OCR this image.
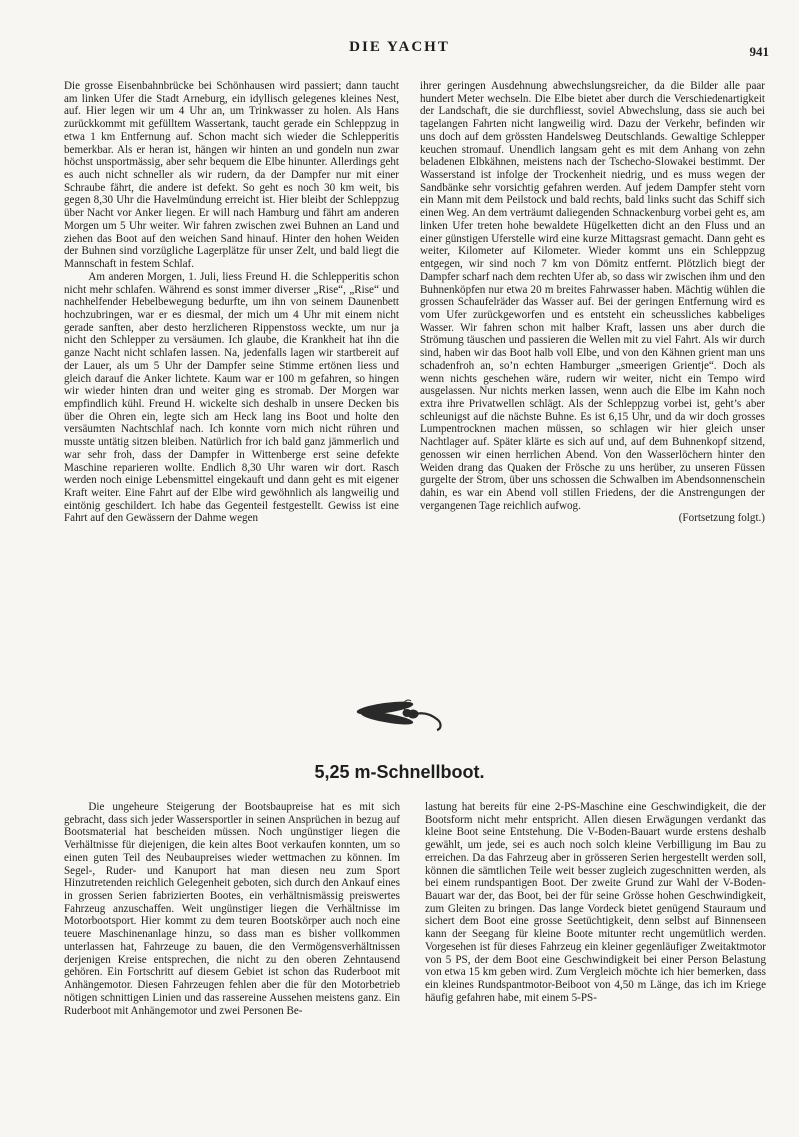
DIE YACHT	941

Die grosse Eisenbahnbrücke bei Schönhausen wird passiert; dann taucht am linken Ufer die Stadt Arneburg, ein idyllisch gelegenes kleines Nest, auf. Hier legen wir um 4 Uhr an, um Trinkwasser zu holen. Als Hans zurückkommt mit gefülltem Wassertank, taucht gerade ein Schleppzug in etwa 1 km Entfernung auf. Schon macht sich wieder die Schlepperitis bemerkbar. Als er heran ist, hängen wir hinten an und gondeln nun zwar höchst unsportmässig, aber sehr bequem die Elbe hinunter. Allerdings geht es auch nicht schneller als wir rudern, da der Dampfer nur mit einer Schraube fährt, die andere ist defekt. So geht es noch 30 km weit, bis gegen 8,30 Uhr die Havelmündung erreicht ist. Hier bleibt der Schleppzug über Nacht vor Anker liegen. Er will nach Hamburg und fährt am anderen Morgen um 5 Uhr weiter. Wir fahren zwischen zwei Buhnen an Land und ziehen das Boot auf den weichen Sand hinauf. Hinter den hohen Weiden der Buhnen sind vorzügliche Lagerplätze für unser Zelt, und bald liegt die Mannschaft in festem Schlaf.

Am anderen Morgen, 1. Juli, liess Freund H. die Schlepperitis schon nicht mehr schlafen. Während es sonst immer diverser „Rise“, „Rise“ und nachhelfender Hebelbewegung bedurfte, um ihn von seinem Daunenbett hochzubringen, war er es diesmal, der mich um 4 Uhr mit einem nicht gerade sanften, aber desto herzlicheren Rippenstoss weckte, um nur ja nicht den Schlepper zu versäumen. Ich glaube, die Krankheit hat ihn die ganze Nacht nicht schlafen lassen. Na, jedenfalls lagen wir startbereit auf der Lauer, als um 5 Uhr der Dampfer seine Stimme ertönen liess und gleich darauf die Anker lichtete. Kaum war er 100 m gefahren, so hingen wir wieder hinten dran und weiter ging es stromab. Der Morgen war empfindlich kühl. Freund H. wickelte sich deshalb in unsere Decken bis über die Ohren ein, legte sich am Heck lang ins Boot und holte den versäumten Nachtschlaf nach. Ich konnte vorn mich nicht rühren und musste untätig sitzen bleiben. Natürlich fror ich bald ganz jämmerlich und war sehr froh, dass der Dampfer in Wittenberge erst seine defekte Maschine reparieren wollte. Endlich 8,30 Uhr waren wir dort. Rasch werden noch einige Lebensmittel eingekauft und dann geht es mit eigener Kraft weiter. Eine Fahrt auf der Elbe wird gewöhnlich als langweilig und eintönig geschildert. Ich habe das Gegenteil festgestellt. Gewiss ist eine Fahrt auf den Gewässern der Dahme wegen

ihrer geringen Ausdehnung abwechslungsreicher, da die Bilder alle paar hundert Meter wechseln. Die Elbe bietet aber durch die Verschiedenartigkeit der Landschaft, die sie durchfliesst, soviel Abwechslung, dass sie auch bei tagelangen Fahrten nicht langweilig wird. Dazu der Verkehr, befinden wir uns doch auf dem grössten Handelsweg Deutschlands. Gewaltige Schlepper keuchen stromauf. Unendlich langsam geht es mit dem Anhang von zehn beladenen Elbkähnen, meistens nach der Tschecho-Slowakei bestimmt. Der Wasserstand ist infolge der Trockenheit niedrig, und es muss wegen der Sandbänke sehr vorsichtig gefahren werden. Auf jedem Dampfer steht vorn ein Mann mit dem Peilstock und bald rechts, bald links sucht das Schiff sich einen Weg. An dem verträumt daliegenden Schnackenburg vorbei geht es, am linken Ufer treten hohe bewaldete Hügelketten dicht an den Fluss und an einer günstigen Uferstelle wird eine kurze Mittagsrast gemacht. Dann geht es weiter, Kilometer auf Kilometer. Wieder kommt uns ein Schleppzug entgegen, wir sind noch 7 km von Dömitz entfernt. Plötzlich biegt der Dampfer scharf nach dem rechten Ufer ab, so dass wir zwischen ihm und den Buhnenköpfen nur etwa 20 m breites Fahrwasser haben. Mächtig wühlen die grossen Schaufelräder das Wasser auf. Bei der geringen Entfernung wird es vom Ufer zurückgeworfen und es entsteht ein scheussliches kabbeliges Wasser. Wir fahren schon mit halber Kraft, lassen uns aber durch die Strömung täuschen und passieren die Wellen mit zu viel Fahrt. Als wir durch sind, haben wir das Boot halb voll Elbe, und von den Kähnen grient man uns schadenfroh an, so’n echten Hamburger „smeerigen Grientje“. Doch als wenn nichts geschehen wäre, rudern wir weiter, nicht ein Tempo wird ausgelassen. Nur nichts merken lassen, wenn auch die Elbe im Kahn noch extra ihre Privatwellen schlägt. Als der Schleppzug vorbei ist, geht’s aber schleunigst auf die nächste Buhne. Es ist 6,15 Uhr, und da wir doch grosses Lumpentrocknen machen müssen, so schlagen wir hier gleich unser Nachtlager auf. Später klärte es sich auf und, auf dem Buhnenkopf sitzend, genossen wir einen herrlichen Abend. Von den Wasserlöchern hinter den Weiden drang das Quaken der Frösche zu uns herüber, zu unseren Füssen gurgelte der Strom, über uns schossen die Schwalben im Abendsonnenschein dahin, es war ein Abend voll stillen Friedens, der die Anstrengungen der vergangenen Tage reichlich aufwog.

(Fortsetzung folgt.)
5,25 m-Schnellboot.

Die ungeheure Steigerung der Bootsbaupreise hat es mit sich gebracht, dass sich jeder Wassersportler in seinen Ansprüchen in bezug auf Bootsmaterial hat bescheiden müssen. Noch ungünstiger liegen die Verhältnisse für diejenigen, die kein altes Boot verkaufen konnten, um so einen guten Teil des Neubaupreises wieder wettmachen zu können. Im Segel-, Ruder- und Kanuport hat man diesen neu zum Sport Hinzutretenden reichlich Gelegenheit geboten, sich durch den Ankauf eines in grossen Serien fabrizierten Bootes, ein verhältnismässig preiswertes Fahrzeug anzuschaffen. Weit ungünstiger liegen die Verhältnisse im Motorbootsport. Hier kommt zu dem teuren Bootskörper auch noch eine teuere Maschinenanlage hinzu, so dass man es bisher vollkommen unterlassen hat, Fahrzeuge zu bauen, die den Vermögensverhältnissen derjenigen Kreise entsprechen, die nicht zu den oberen Zehntausend gehören. Ein Fortschritt auf diesem Gebiet ist schon das Ruderboot mit Anhängemotor. Diesen Fahrzeugen fehlen aber die für den Motorbetrieb nötigen schnittigen Linien und das rassereine Aussehen meistens ganz. Ein Ruderboot mit Anhängemotor und zwei Personen Be-

lastung hat bereits für eine 2-PS-Maschine eine Geschwindigkeit, die der Bootsform nicht mehr entspricht. Allen diesen Erwägungen verdankt das kleine Boot seine Entstehung. Die V-Boden-Bauart wurde erstens deshalb gewählt, um jede, sei es auch noch solch kleine Verbilligung im Bau zu erreichen. Da das Fahrzeug aber in grösseren Serien hergestellt werden soll, können die sämtlichen Teile weit besser zugleich zugeschnitten werden, als bei einem rundspantigen Boot. Der zweite Grund zur Wahl der V-Boden-Bauart war der, das Boot, bei der für seine Grösse hohen Geschwindigkeit, zum Gleiten zu bringen. Das lange Vordeck bietet genügend Stauraum und sichert dem Boot eine grosse Seetüchtigkeit, denn selbst auf Binnenseen kann der Seegang für kleine Boote mitunter recht ungemütlich werden. Vorgesehen ist für dieses Fahrzeug ein kleiner gegenläufiger Zweitaktmotor von 5 PS, der dem Boot eine Geschwindigkeit bei einer Person Belastung von etwa 15 km geben wird. Zum Vergleich möchte ich hier bemerken, dass ein kleines Rundspantmotor-Beiboot von 4,50 m Länge, das ich im Kriege häufig gefahren habe, mit einem 5-PS-
